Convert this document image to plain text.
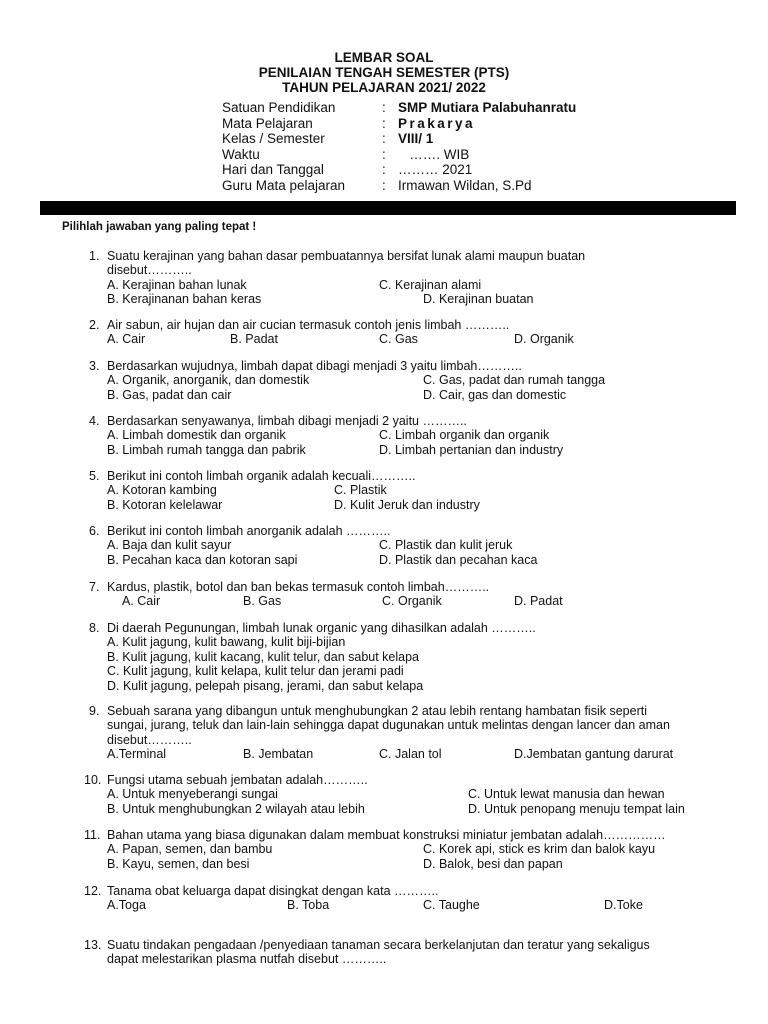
LEMBAR SOAL
PENILAIAN TENGAH SEMESTER (PTS)
TAHUN PELAJARAN 2021/ 2022
Satuan Pendidikan	: SMP Mutiara Palabuhanratu
Mata Pelajaran	: Prakarya
Kelas / Semester	: VIII/ 1
Waktu	: ……. WIB
Hari dan Tanggal	: ……… 2021
Guru Mata pelajaran	: Irmawan Wildan, S.Pd
Pilihlah jawaban yang paling tepat !
1. Suatu kerajinan yang bahan dasar pembuatannya bersifat lunak alami maupun buatan
disebut………..
A. Kerajinan bahan lunak
B. Kerajinanan bahan keras
C. Kerajinan alami
D. Kerajinan buatan
2. Air sabun, air hujan dan air cucian termasuk contoh jenis limbah ………..
A. Cair	B. Padat	C. Gas	D. Organik
3. Berdasarkan wujudnya, limbah dapat dibagi menjadi 3 yaitu limbah………..
A. Organik, anorganik, dan domestik
B. Gas, padat dan cair
C. Gas, padat dan rumah tangga
D. Cair, gas dan domestic
4. Berdasarkan senyawanya, limbah dibagi menjadi 2 yaitu ………..
A. Limbah domestik dan organik
B. Limbah rumah tangga dan pabrik
C. Limbah organik dan organik
D. Limbah pertanian dan industry
5. Berikut ini contoh limbah organik adalah kecuali………..
A. Kotoran kambing
B. Kotoran kelelawar
C. Plastik
D. Kulit Jeruk dan industry
6. Berikut ini contoh limbah anorganik adalah ………..
A. Baja dan kulit sayur
B. Pecahan kaca dan kotoran sapi
C. Plastik dan kulit jeruk
D. Plastik dan pecahan kaca
7. Kardus, plastik, botol dan ban bekas termasuk contoh limbah………..
A. Cair	B. Gas	C. Organik	D. Padat
8. Di daerah Pegunungan, limbah lunak organic yang dihasilkan adalah ………..
A. Kulit jagung, kulit bawang, kulit biji-bijian
B. Kulit jagung, kulit kacang, kulit telur, dan sabut kelapa
C. Kulit jagung, kulit kelapa, kulit telur dan jerami padi
D. Kulit jagung, pelepah pisang, jerami, dan sabut kelapa
9. Sebuah sarana yang dibangun untuk menghubungkan 2 atau lebih rentang hambatan fisik seperti
sungai, jurang, teluk dan lain-lain sehingga dapat dugunakan untuk melintas dengan lancer dan aman
disebut………..
A.Terminal	B. Jembatan	C. Jalan tol	D.Jembatan gantung darurat
10. Fungsi utama sebuah jembatan adalah………..
A. Untuk menyeberangi sungai
B. Untuk menghubungkan 2 wilayah atau lebih
C. Untuk lewat manusia dan hewan
D. Untuk penopang menuju tempat lain
11. Bahan utama yang biasa digunakan dalam membuat konstruksi miniatur jembatan adalah……………
A. Papan, semen, dan bambu
B. Kayu, semen, dan besi
C. Korek api, stick es krim dan balok kayu
D. Balok, besi dan papan
12. Tanama obat keluarga dapat disingkat dengan kata ………..
A.Toga	B. Toba	C. Taughe	D.Toke
13. Suatu tindakan pengadaan /penyediaan tanaman secara berkelanjutan dan teratur yang sekaligus
dapat melestarikan plasma nutfah disebut ………..
